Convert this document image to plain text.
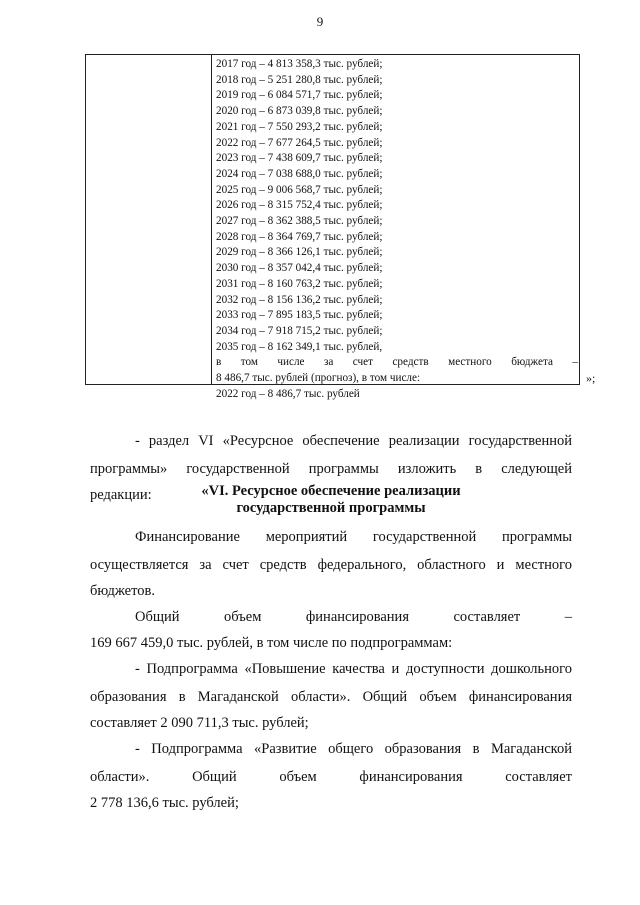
9
2017 год – 4 813 358,3 тыс. рублей;
2018 год – 5 251 280,8 тыс. рублей;
2019 год – 6 084 571,7 тыс. рублей;
2020 год – 6 873 039,8 тыс. рублей;
2021 год – 7 550 293,2 тыс. рублей;
2022 год – 7 677 264,5 тыс. рублей;
2023 год – 7 438 609,7 тыс. рублей;
2024 год – 7 038 688,0 тыс. рублей;
2025 год – 9 006 568,7 тыс. рублей;
2026 год – 8 315 752,4 тыс. рублей;
2027 год – 8 362 388,5 тыс. рублей;
2028 год – 8 364 769,7 тыс. рублей;
2029 год – 8 366 126,1 тыс. рублей;
2030 год – 8 357 042,4 тыс. рублей;
2031 год – 8 160 763,2 тыс. рублей;
2032 год – 8 156 136,2 тыс. рублей;
2033 год – 7 895 183,5 тыс. рублей;
2034 год – 7 918 715,2 тыс. рублей;
2035 год – 8 162 349,1 тыс. рублей,
в том числе за счет средств местного бюджета –
8 486,7 тыс. рублей (прогноз), в том числе:
2022 год – 8 486,7 тыс. рублей
»;
- раздел VI «Ресурсное обеспечение реализации государственной
программы» государственной программы изложить в следующей
редакции:	«VI. Ресурсное обеспечение реализации
государственной программы
Финансирование мероприятий государственной программы
осуществляется за счет средств федерального, областного и местного
бюджетов.
Общий объем финансирования составляет –
169 667 459,0 тыс. рублей, в том числе по подпрограммам:
- Подпрограмма «Повышение качества и доступности дошкольного
образования в Магаданской области». Общий объем финансирования
составляет 2 090 711,3 тыс. рублей;
- Подпрограмма «Развитие общего образования в Магаданской
области». Общий объем финансирования составляет
2 778 136,6 тыс. рублей;
